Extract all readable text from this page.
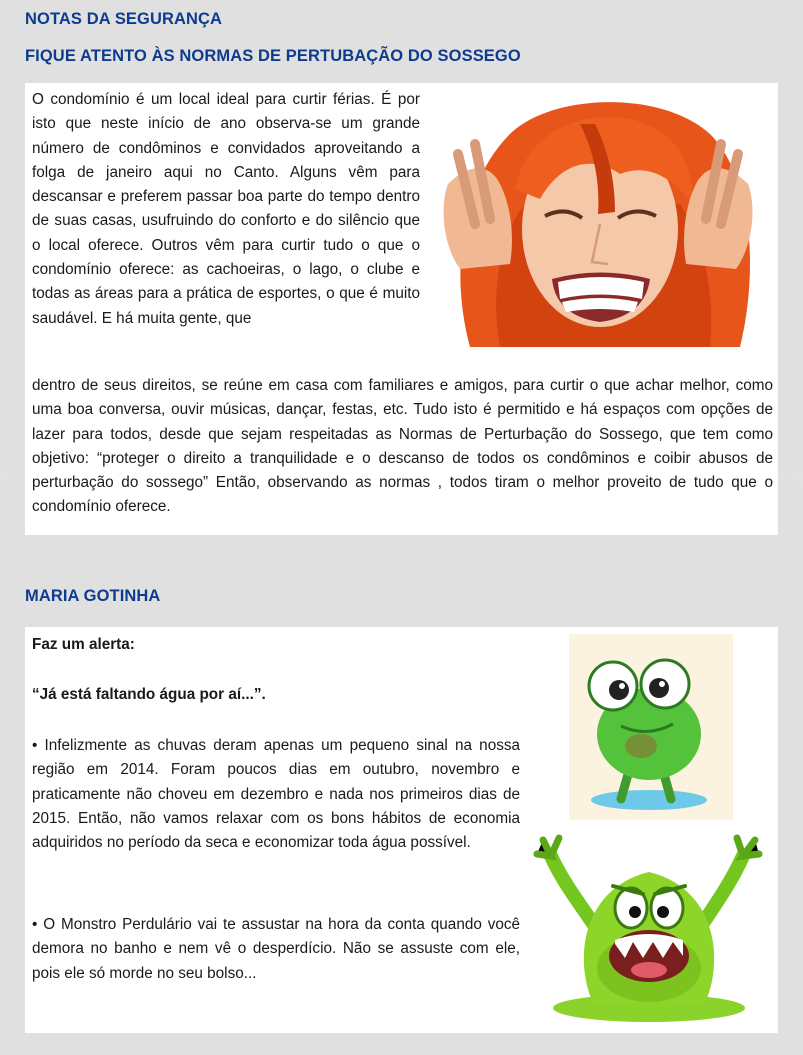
NOTAS DA SEGURANÇA
FIQUE ATENTO ÀS NORMAS DE PERTUBAÇÃO DO SOSSEGO

O condomínio é um local ideal para curtir férias. É por isto que neste início de ano observa-se um grande número de condôminos e convidados aproveitando a folga de janeiro aqui no Canto. Alguns vêm para descansar e preferem passar boa parte do tempo dentro de suas casas, usufruindo do conforto e do silêncio que o local oferece. Outros vêm para curtir tudo o que o condomínio oferece: as cachoeiras, o lago, o clube e todas as áreas para a prática de esportes, o que é muito saudável. E há muita gente, que

dentro de seus direitos, se reúne em casa com familiares e amigos, para curtir o que achar melhor, como uma boa conversa, ouvir músicas, dançar, festas, etc. Tudo isto é permitido e há espaços com opções de lazer para todos, desde que sejam respeitadas as Normas de Perturbação do Sossego, que tem como objetivo: “proteger o direito a tranquilidade e o descanso de todos os condôminos e coibir abusos de perturbação do sossego” Então, observando as normas , todos tiram o melhor proveito de tudo que o condomínio oferece.

MARIA GOTINHA
Faz um alerta:
“Já está faltando água por aí...”.
• Infelizmente as chuvas deram apenas um pequeno sinal na nossa região em 2014. Foram poucos dias em outubro, novembro e praticamente não choveu em dezembro e nada nos primeiros dias de 2015. Então, não vamos relaxar com os bons hábitos de economia adquiridos no período da seca e economizar toda água possível.
• O Monstro Perdulário vai te assustar na hora da conta quando você demora no banho e nem vê o desperdício. Não se assuste com ele, pois ele só morde no seu bolso...
